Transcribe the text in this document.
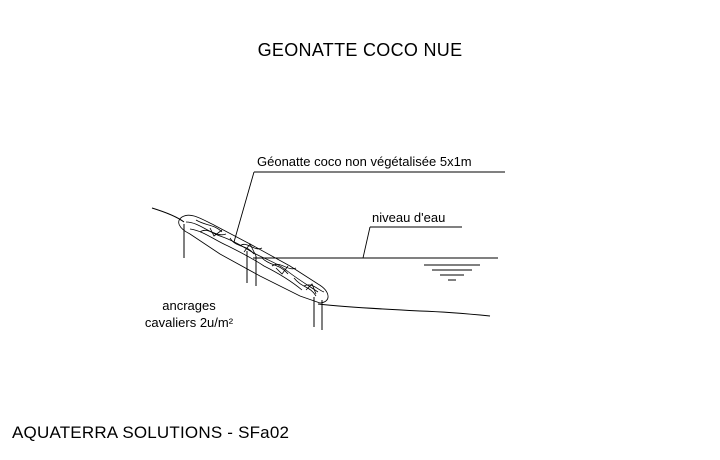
GEONATTE COCO NUE
Géonatte coco non végétalisée 5x1m
niveau d'eau
ancrages
cavaliers 2u/m²
AQUATERRA SOLUTIONS - SFa02
